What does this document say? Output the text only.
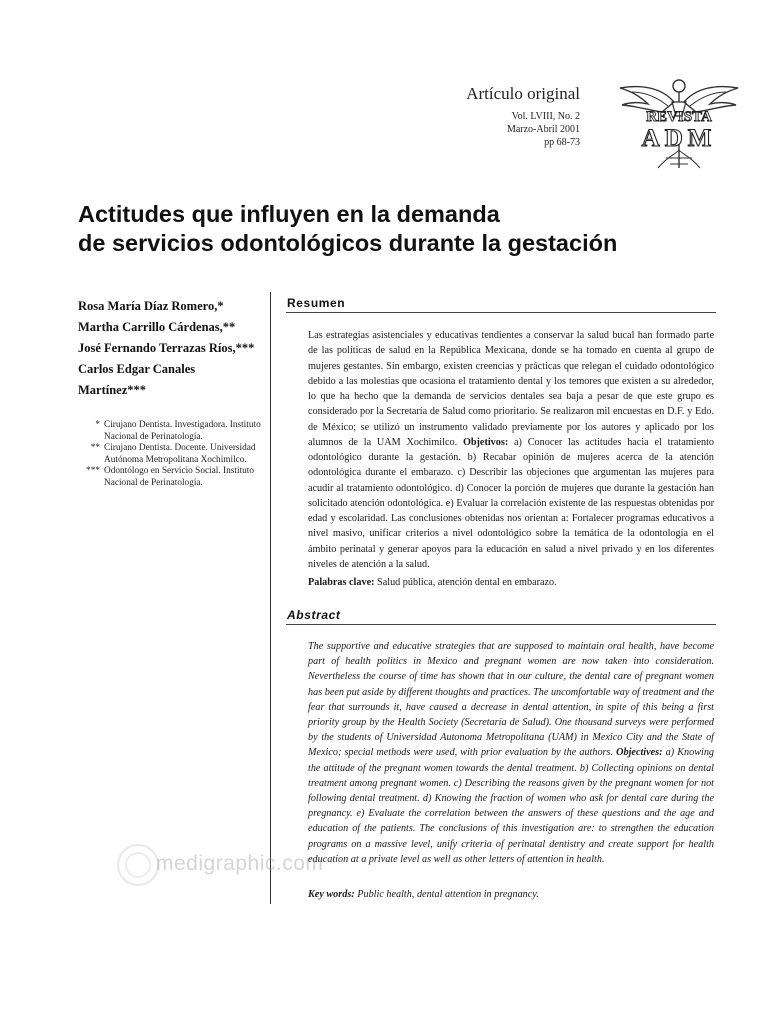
Artículo original
Vol. LVIII, No. 2
Marzo-Abril 2001
pp 68-73
REVISTA
ADM
Actitudes que influyen en la demanda
de servicios odontológicos durante la gestación
Rosa María Díaz Romero,*
Martha Carrillo Cárdenas,**
José Fernando Terrazas Ríos,***
Carlos Edgar Canales
Martínez***
* Cirujano Dentista. Investigadora. Instituto Nacional de Perinatología.
** Cirujano Dentista. Docente. Universidad Autónoma Metropolitana Xochimilco.
*** Odontólogo en Servicio Social. Instituto Nacional de Perinatología.
Resumen
Las estrategias asistenciales y educativas tendientes a conservar la salud bucal han formado parte de las políticas de salud en la República Mexicana, donde se ha tomado en cuenta al grupo de mujeres gestantes. Sin embargo, existen creencias y prácticas que relegan el cuidado odontológico debido a las molestias que ocasiona el tratamiento dental y los temores que existen a su alrededor, lo que ha hecho que la demanda de servicios dentales sea baja a pesar de que este grupo es considerado por la Secretaría de Salud como prioritario. Se realizaron mil encuestas en D.F. y Edo. de México; se utilizó un instrumento validado previamente por los autores y aplicado por los alumnos de la UAM Xochimilco. Objetivos: a) Conocer las actitudes hacia el tratamiento odontológico durante la gestación. b) Recabar opinión de mujeres acerca de la atención odontológica durante el embarazo. c) Describir las objeciones que argumentan las mujeres para acudir al tratamiento odontológico. d) Conocer la porción de mujeres que durante la gestación han solicitado atención odontológica. e) Evaluar la correlación existente de las respuestas obtenidas por edad y escolaridad. Las conclusiones obtenidas nos orientan a: Fortalecer programas educativos a nivel masivo, unificar criterios a nivel odontológico sobre la temática de la odontología en el ámbito perinatal y generar apoyos para la educación en salud a nivel privado y en los diferentes niveles de atención a la salud.
Palabras clave: Salud pública, atención dental en embarazo.
Abstract
The supportive and educative strategies that are supposed to maintain oral health, have become part of health politics in Mexico and pregnant women are now taken into consideration. Nevertheless the course of time has shown that in our culture, the dental care of pregnant women has been put aside by different thoughts and practices. The uncomfortable way of treatment and the fear that surrounds it, have caused a decrease in dental attention, in spite of this being a first priority group by the Health Society (Secretaría de Salud). One thousand surveys were performed by the students of Universidad Autonoma Metropolitana (UAM) in Mexico City and the State of Mexico; special methods were used, with prior evaluation by the authors. Objectives: a) Knowing the attitude of the pregnant women towards the dental treatment. b) Collecting opinions on dental treatment among pregnant women. c) Describing the reasons given by the pregnant women for not following dental treatment. d) Knowing the fraction of women who ask for dental care during the pregnancy. e) Evaluate the correlation between the answers of these questions and the age and education of the patients. The conclusions of this investigation are: to strengthen the education programs on a massive level, unify criteria of perinatal dentistry and create support for health education at a private level as well as other letters of attention in health.
Key words: Public health, dental attention in pregnancy.
medigraphic.com
